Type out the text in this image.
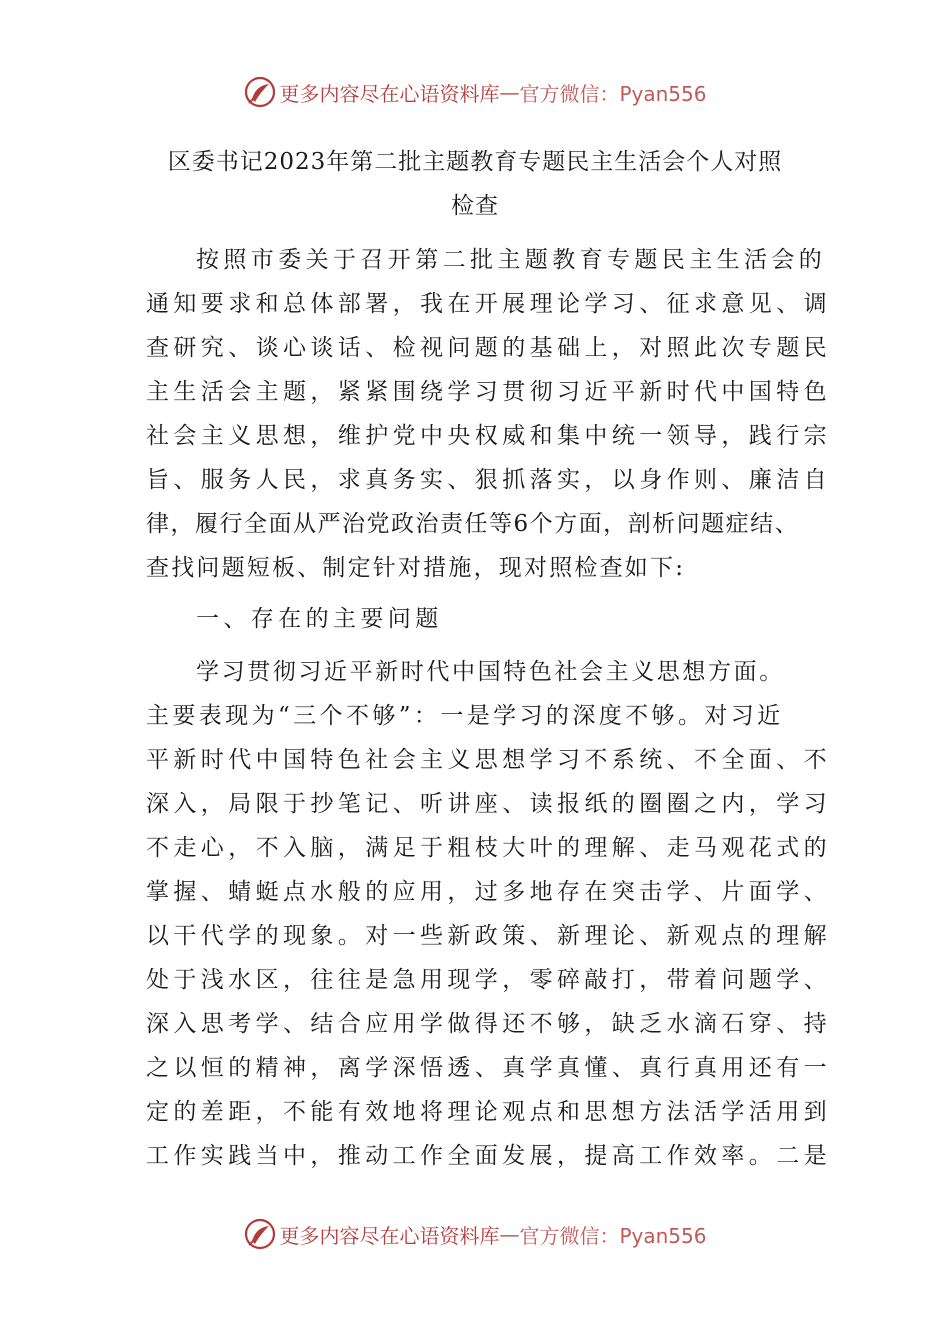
更多内容尽在心语资料库 — 官方微信：Pyan556
区委书记2023年第二批主题教育专题民主生活会个人对照
检查
按照市委关于召开第二批主题教育专题民主生活会的
通知要求和总体部署，我在开展理论学习、征求意见、调
查研究、谈心谈话、检视问题的基础上，对照此次专题民
主生活会主题，紧紧围绕学习贯彻习近平新时代中国特色
社会主义思想，维护党中央权威和集中统一领导，践行宗
旨、服务人民，求真务实、狠抓落实，以身作则、廉洁自
律，履行全面从严治党政治责任等6个方面，剖析问题症结、
查找问题短板、制定针对措施，现对照检查如下:
一、存在的主要问题
学习贯彻习近平新时代中国特色社会主义思想方面。
主要表现为“三个不够”：一是学习的深度不够。对习近
平新时代中国特色社会主义思想学习不系统、不全面、不
深入，局限于抄笔记、听讲座、读报纸的圈圈之内，学习
不走心，不入脑，满足于粗枝大叶的理解、走马观花式的
掌握、蜻蜓点水般的应用，过多地存在突击学、片面学、
以干代学的现象。对一些新政策、新理论、新观点的理解
处于浅水区，往往是急用现学，零碎敲打，带着问题学、
深入思考学、结合应用学做得还不够，缺乏水滴石穿、持
之以恒的精神，离学深悟透、真学真懂、真行真用还有一
定的差距，不能有效地将理论观点和思想方法活学活用到
工作实践当中，推动工作全面发展，提高工作效率。二是
更多内容尽在心语资料库 — 官方微信：Pyan556
